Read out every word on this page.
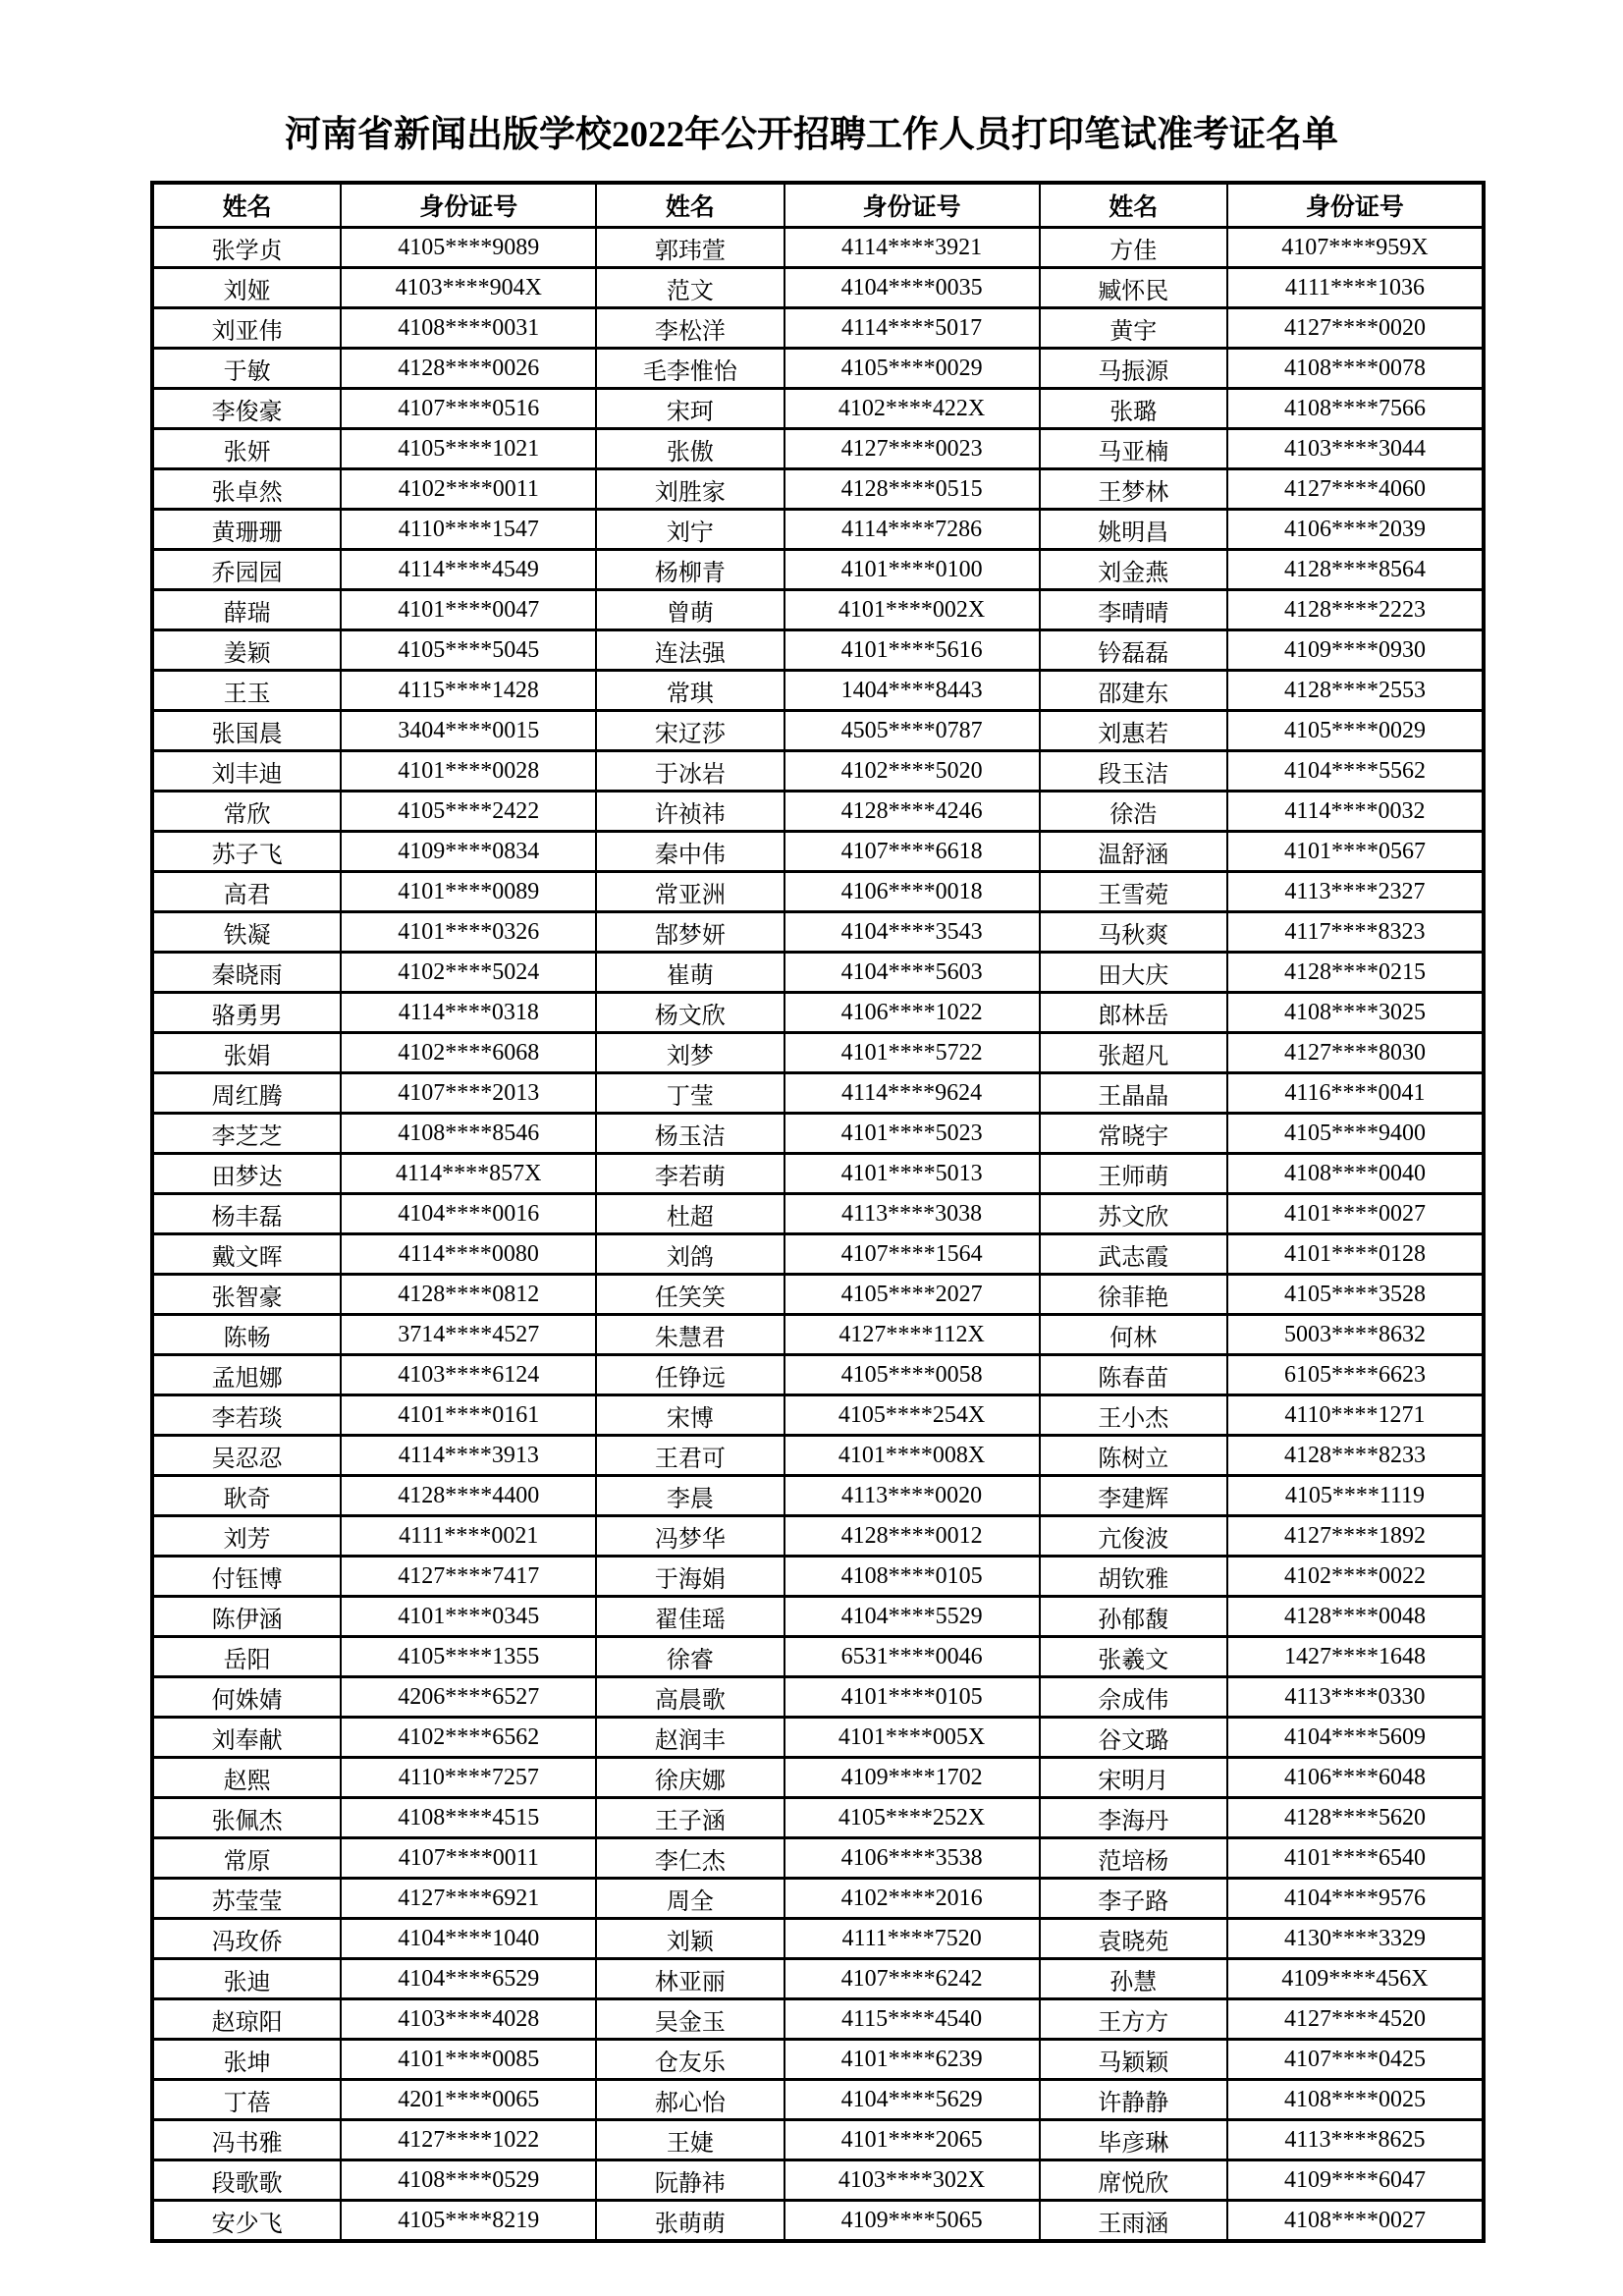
河南省新闻出版学校2022年公开招聘工作人员打印笔试准考证名单
姓名	身份证号	姓名	身份证号	姓名	身份证号
张学贞	4105****9089	郭玮萱	4114****3921	方佳	4107****959X
刘娅	4103****904X	范文	4104****0035	臧怀民	4111****1036
刘亚伟	4108****0031	李松洋	4114****5017	黄宇	4127****0020
于敏	4128****0026	毛李惟怡	4105****0029	马振源	4108****0078
李俊豪	4107****0516	宋珂	4102****422X	张璐	4108****7566
张妍	4105****1021	张傲	4127****0023	马亚楠	4103****3044
张卓然	4102****0011	刘胜家	4128****0515	王梦林	4127****4060
黄珊珊	4110****1547	刘宁	4114****7286	姚明昌	4106****2039
乔园园	4114****4549	杨柳青	4101****0100	刘金燕	4128****8564
薛瑞	4101****0047	曾萌	4101****002X	李晴晴	4128****2223
姜颖	4105****5045	连法强	4101****5616	钤磊磊	4109****0930
王玉	4115****1428	常琪	1404****8443	邵建东	4128****2553
张国晨	3404****0015	宋辽莎	4505****0787	刘惠若	4105****0029
刘丰迪	4101****0028	于冰岩	4102****5020	段玉洁	4104****5562
常欣	4105****2422	许祯祎	4128****4246	徐浩	4114****0032
苏子飞	4109****0834	秦中伟	4107****6618	温舒涵	4101****0567
高君	4101****0089	常亚洲	4106****0018	王雪菀	4113****2327
铁凝	4101****0326	郜梦妍	4104****3543	马秋爽	4117****8323
秦晓雨	4102****5024	崔萌	4104****5603	田大庆	4128****0215
骆勇男	4114****0318	杨文欣	4106****1022	郎林岳	4108****3025
张娟	4102****6068	刘梦	4101****5722	张超凡	4127****8030
周红腾	4107****2013	丁莹	4114****9624	王晶晶	4116****0041
李芝芝	4108****8546	杨玉洁	4101****5023	常晓宇	4105****9400
田梦达	4114****857X	李若萌	4101****5013	王师萌	4108****0040
杨丰磊	4104****0016	杜超	4113****3038	苏文欣	4101****0027
戴文晖	4114****0080	刘鸽	4107****1564	武志霞	4101****0128
张智豪	4128****0812	任笑笑	4105****2027	徐菲艳	4105****3528
陈畅	3714****4527	朱慧君	4127****112X	何林	5003****8632
孟旭娜	4103****6124	任铮远	4105****0058	陈春苗	6105****6623
李若琰	4101****0161	宋博	4105****254X	王小杰	4110****1271
吴忍忍	4114****3913	王君可	4101****008X	陈树立	4128****8233
耿奇	4128****4400	李晨	4113****0020	李建辉	4105****1119
刘芳	4111****0021	冯梦华	4128****0012	亢俊波	4127****1892
付钰博	4127****7417	于海娟	4108****0105	胡钦雅	4102****0022
陈伊涵	4101****0345	翟佳瑶	4104****5529	孙郁馥	4128****0048
岳阳	4105****1355	徐睿	6531****0046	张羲文	1427****1648
何姝婧	4206****6527	高晨歌	4101****0105	佘成伟	4113****0330
刘奉献	4102****6562	赵润丰	4101****005X	谷文璐	4104****5609
赵熙	4110****7257	徐庆娜	4109****1702	宋明月	4106****6048
张佩杰	4108****4515	王子涵	4105****252X	李海丹	4128****5620
常原	4107****0011	李仁杰	4106****3538	范培杨	4101****6540
苏莹莹	4127****6921	周全	4102****2016	李子路	4104****9576
冯玫侨	4104****1040	刘颖	4111****7520	袁晓苑	4130****3329
张迪	4104****6529	林亚丽	4107****6242	孙慧	4109****456X
赵琼阳	4103****4028	吴金玉	4115****4540	王方方	4127****4520
张坤	4101****0085	仓友乐	4101****6239	马颖颖	4107****0425
丁蓓	4201****0065	郝心怡	4104****5629	许静静	4108****0025
冯书雅	4127****1022	王婕	4101****2065	毕彦琳	4113****8625
段歌歌	4108****0529	阮静祎	4103****302X	席悦欣	4109****6047
安少飞	4105****8219	张萌萌	4109****5065	王雨涵	4108****0027
